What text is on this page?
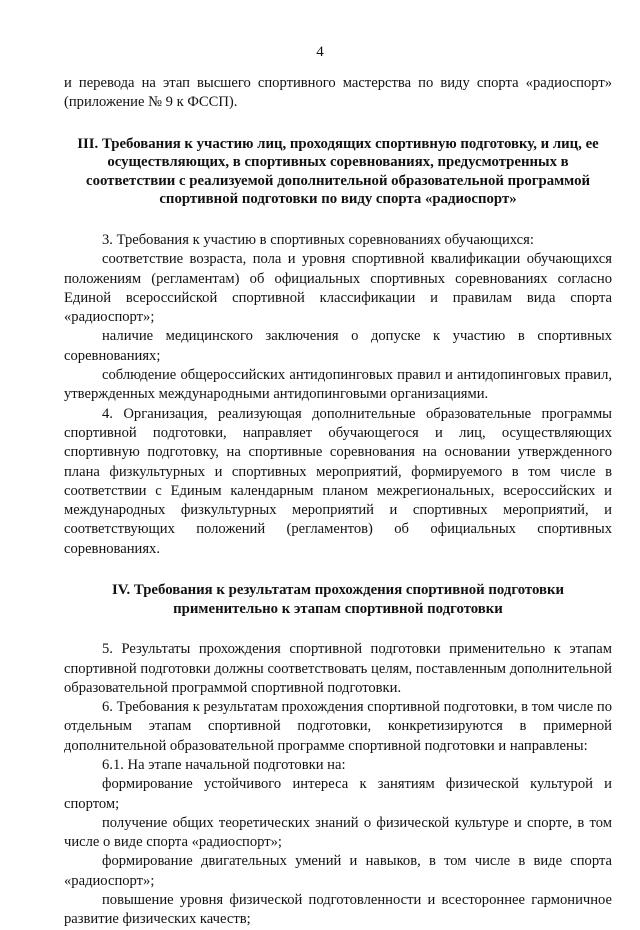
4

и перевода на этап высшего спортивного мастерства по виду спорта «радиоспорт» (приложение № 9 к ФССП).

III. Требования к участию лиц, проходящих спортивную подготовку, и лиц, ее осуществляющих, в спортивных соревнованиях, предусмотренных в соответствии с реализуемой дополнительной образовательной программой спортивной подготовки по виду спорта «радиоспорт»

3. Требования к участию в спортивных соревнованиях обучающихся:

соответствие возраста, пола и уровня спортивной квалификации обучающихся положениям (регламентам) об официальных спортивных соревнованиях согласно Единой всероссийской спортивной классификации и правилам вида спорта «радиоспорт»;

наличие медицинского заключения о допуске к участию в спортивных соревнованиях;

соблюдение общероссийских антидопинговых правил и антидопинговых правил, утвержденных международными антидопинговыми организациями.

4. Организация, реализующая дополнительные образовательные программы спортивной подготовки, направляет обучающегося и лиц, осуществляющих спортивную подготовку, на спортивные соревнования на основании утвержденного плана физкультурных и спортивных мероприятий, формируемого в том числе в соответствии с Единым календарным планом межрегиональных, всероссийских и международных физкультурных мероприятий и спортивных мероприятий, и соответствующих положений (регламентов) об официальных спортивных соревнованиях.

IV. Требования к результатам прохождения спортивной подготовки применительно к этапам спортивной подготовки

5. Результаты прохождения спортивной подготовки применительно к этапам спортивной подготовки должны соответствовать целям, поставленным дополнительной образовательной программой спортивной подготовки.

6. Требования к результатам прохождения спортивной подготовки, в том числе по отдельным этапам спортивной подготовки, конкретизируются в примерной дополнительной образовательной программе спортивной подготовки и направлены:

6.1. На этапе начальной подготовки на:

формирование устойчивого интереса к занятиям физической культурой и спортом;

получение общих теоретических знаний о физической культуре и спорте, в том числе о виде спорта «радиоспорт»;

формирование двигательных умений и навыков, в том числе в виде спорта «радиоспорт»;

повышение уровня физической подготовленности и всестороннее гармоничное развитие физических качеств;
